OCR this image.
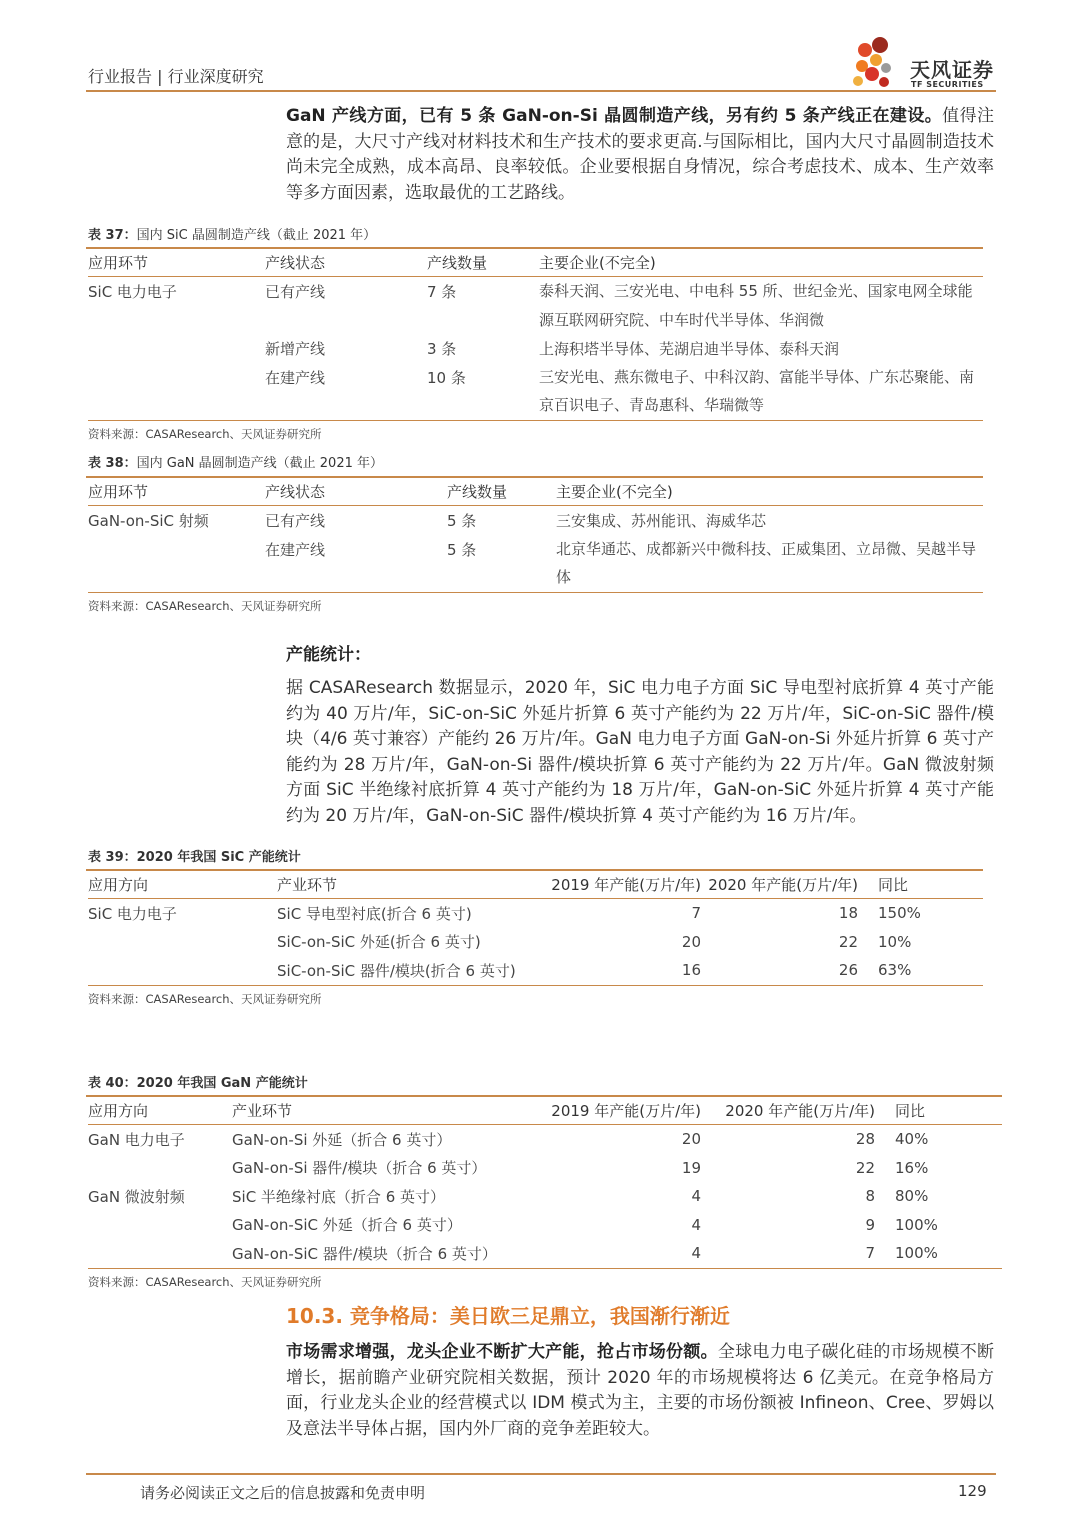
行业报告 | 行业深度研究	天风证券
TF SECURITIES
GaN 产线方面，已有 5 条 GaN-on-Si 晶圆制造产线，另有约 5 条产线正在建设。值得注意的是，大尺寸产线对材料技术和生产技术的要求更高.与国际相比，国内大尺寸晶圆制造技术尚未完全成熟，成本高昂、良率较低。企业要根据自身情况，综合考虑技术、成本、生产效率等多方面因素，选取最优的工艺路线。
表 37：国内 SiC 晶圆制造产线（截止 2021 年）
应用环节	产线状态	产线数量	主要企业(不完全)
SiC 电力电子	已有产线	7 条	泰科天润、三安光电、中电科 55 所、世纪金光、国家电网全球能源互联网研究院、中车时代半导体、华润微
	新增产线	3 条	上海积塔半导体、芜湖启迪半导体、泰科天润
	在建产线	10 条	三安光电、燕东微电子、中科汉韵、富能半导体、广东芯聚能、南京百识电子、青岛惠科、华瑞微等
资料来源：CASAResearch、天风证券研究所
表 38：国内 GaN 晶圆制造产线（截止 2021 年）
应用环节	产线状态	产线数量	主要企业(不完全)
GaN-on-SiC 射频	已有产线	5 条	三安集成、苏州能讯、海威华芯
	在建产线	5 条	北京华通芯、成都新兴中微科技、正威集团、立昂微、吴越半导体
资料来源：CASAResearch、天风证券研究所
产能统计：
据 CASAResearch 数据显示，2020 年，SiC 电力电子方面 SiC 导电型衬底折算 4 英寸产能约为 40 万片/年，SiC-on-SiC 外延片折算 6 英寸产能约为 22 万片/年，SiC-on-SiC 器件/模块（4/6 英寸兼容）产能约 26 万片/年。GaN 电力电子方面 GaN-on-Si 外延片折算 6 英寸产能约为 28 万片/年，GaN-on-Si 器件/模块折算 6 英寸产能约为 22 万片/年。GaN 微波射频方面 SiC 半绝缘衬底折算 4 英寸产能约为 18 万片/年，GaN-on-SiC 外延片折算 4 英寸产能约为 20 万片/年，GaN-on-SiC 器件/模块折算 4 英寸产能约为 16 万片/年。
表 39：2020 年我国 SiC 产能统计
应用方向	产业环节	2019 年产能(万片/年)	2020 年产能(万片/年)	同比
SiC 电力电子	SiC 导电型衬底(折合 6 英寸)	7	18	150%
	SiC-on-SiC 外延(折合 6 英寸)	20	22	10%
	SiC-on-SiC 器件/模块(折合 6 英寸)	16	26	63%
资料来源：CASAResearch、天风证券研究所
表 40：2020 年我国 GaN 产能统计
应用方向	产业环节	2019 年产能(万片/年)	2020 年产能(万片/年)	同比
GaN 电力电子	GaN-on-Si 外延（折合 6 英寸）	20	28	40%
	GaN-on-Si 器件/模块（折合 6 英寸）	19	22	16%
GaN 微波射频	SiC 半绝缘衬底（折合 6 英寸）	4	8	80%
	GaN-on-SiC 外延（折合 6 英寸）	4	9	100%
	GaN-on-SiC 器件/模块（折合 6 英寸）	4	7	100%
资料来源：CASAResearch、天风证券研究所
10.3. 竞争格局：美日欧三足鼎立，我国渐行渐近
市场需求增强，龙头企业不断扩大产能，抢占市场份额。全球电力电子碳化硅的市场规模不断增长，据前瞻产业研究院相关数据，预计 2020 年的市场规模将达 6 亿美元。在竞争格局方面，行业龙头企业的经营模式以 IDM 模式为主，主要的市场份额被 Infineon、Cree、罗姆以及意法半导体占据，国内外厂商的竞争差距较大。
请务必阅读正文之后的信息披露和免责申明	129
